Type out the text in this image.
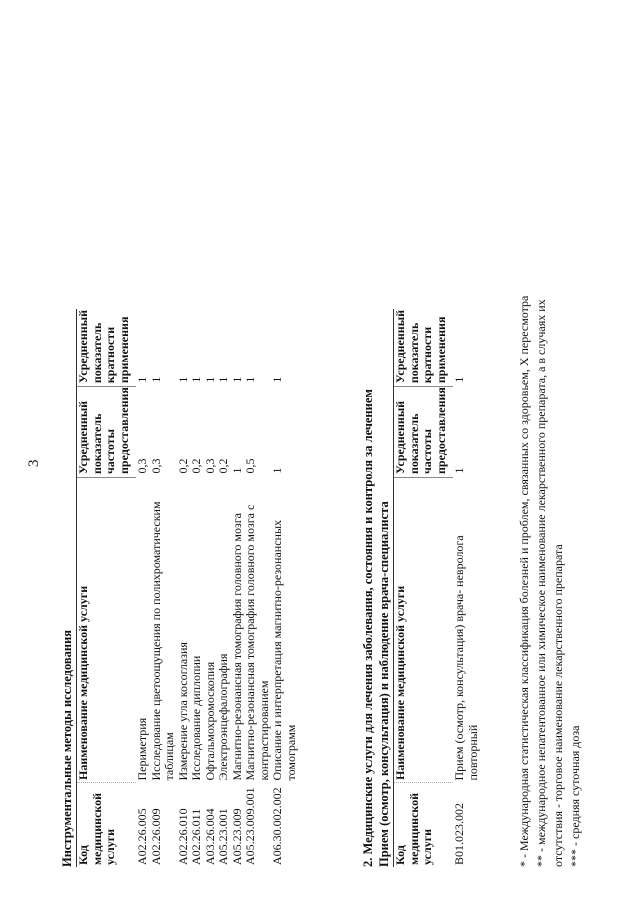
3
Инструментальные методы исследования Код медицинской услуги	Наименование медицинской услуги	Усредненный показатель частоты предоставления	Усредненный показатель кратности применения
A02.26.005	Периметрия	0,3	1
A02.26.009	Исследование цветоощущения по полихроматическим таблицам	0,3	1
A02.26.010	Измерение угла косоглазия	0,2	1
A02.26.011	Исследование диплопии	0,2	1
A03.26.004	Офтальмохромоскопия	0,3	1
A05.23.001	Электроэнцефалография	0,2	1
A05.23.009	Магнитно-резонансная томография головного мозга	1	1
A05.23.009.001	Магнитно-резонансная томография головного мозга с контрастированием	0,5	1
A06.30.002.002	Описание и интерпретация магнитно-резонансных томограмм	1	1
2. Медицинские услуги для лечения заболевания, состояния и контроля за лечением Прием (осмотр, консультация) и наблюдение врача-специалиста Код медицинской услуги	Наименование медицинской услуги	Усредненный показатель частоты предоставления	Усредненный показатель кратности применения
B01.023.002	Прием (осмотр, консультация) врача- невролога повторный	1	1	* - Международная статистическая классификация болезней и проблем, связанных со здоровьем, X пересмотра ** - международное непатентованное или химическое наименование лекарственного препарата, а в случаях их отсутствия - торговое наименование лекарственного препарата *** - средняя суточная доза
